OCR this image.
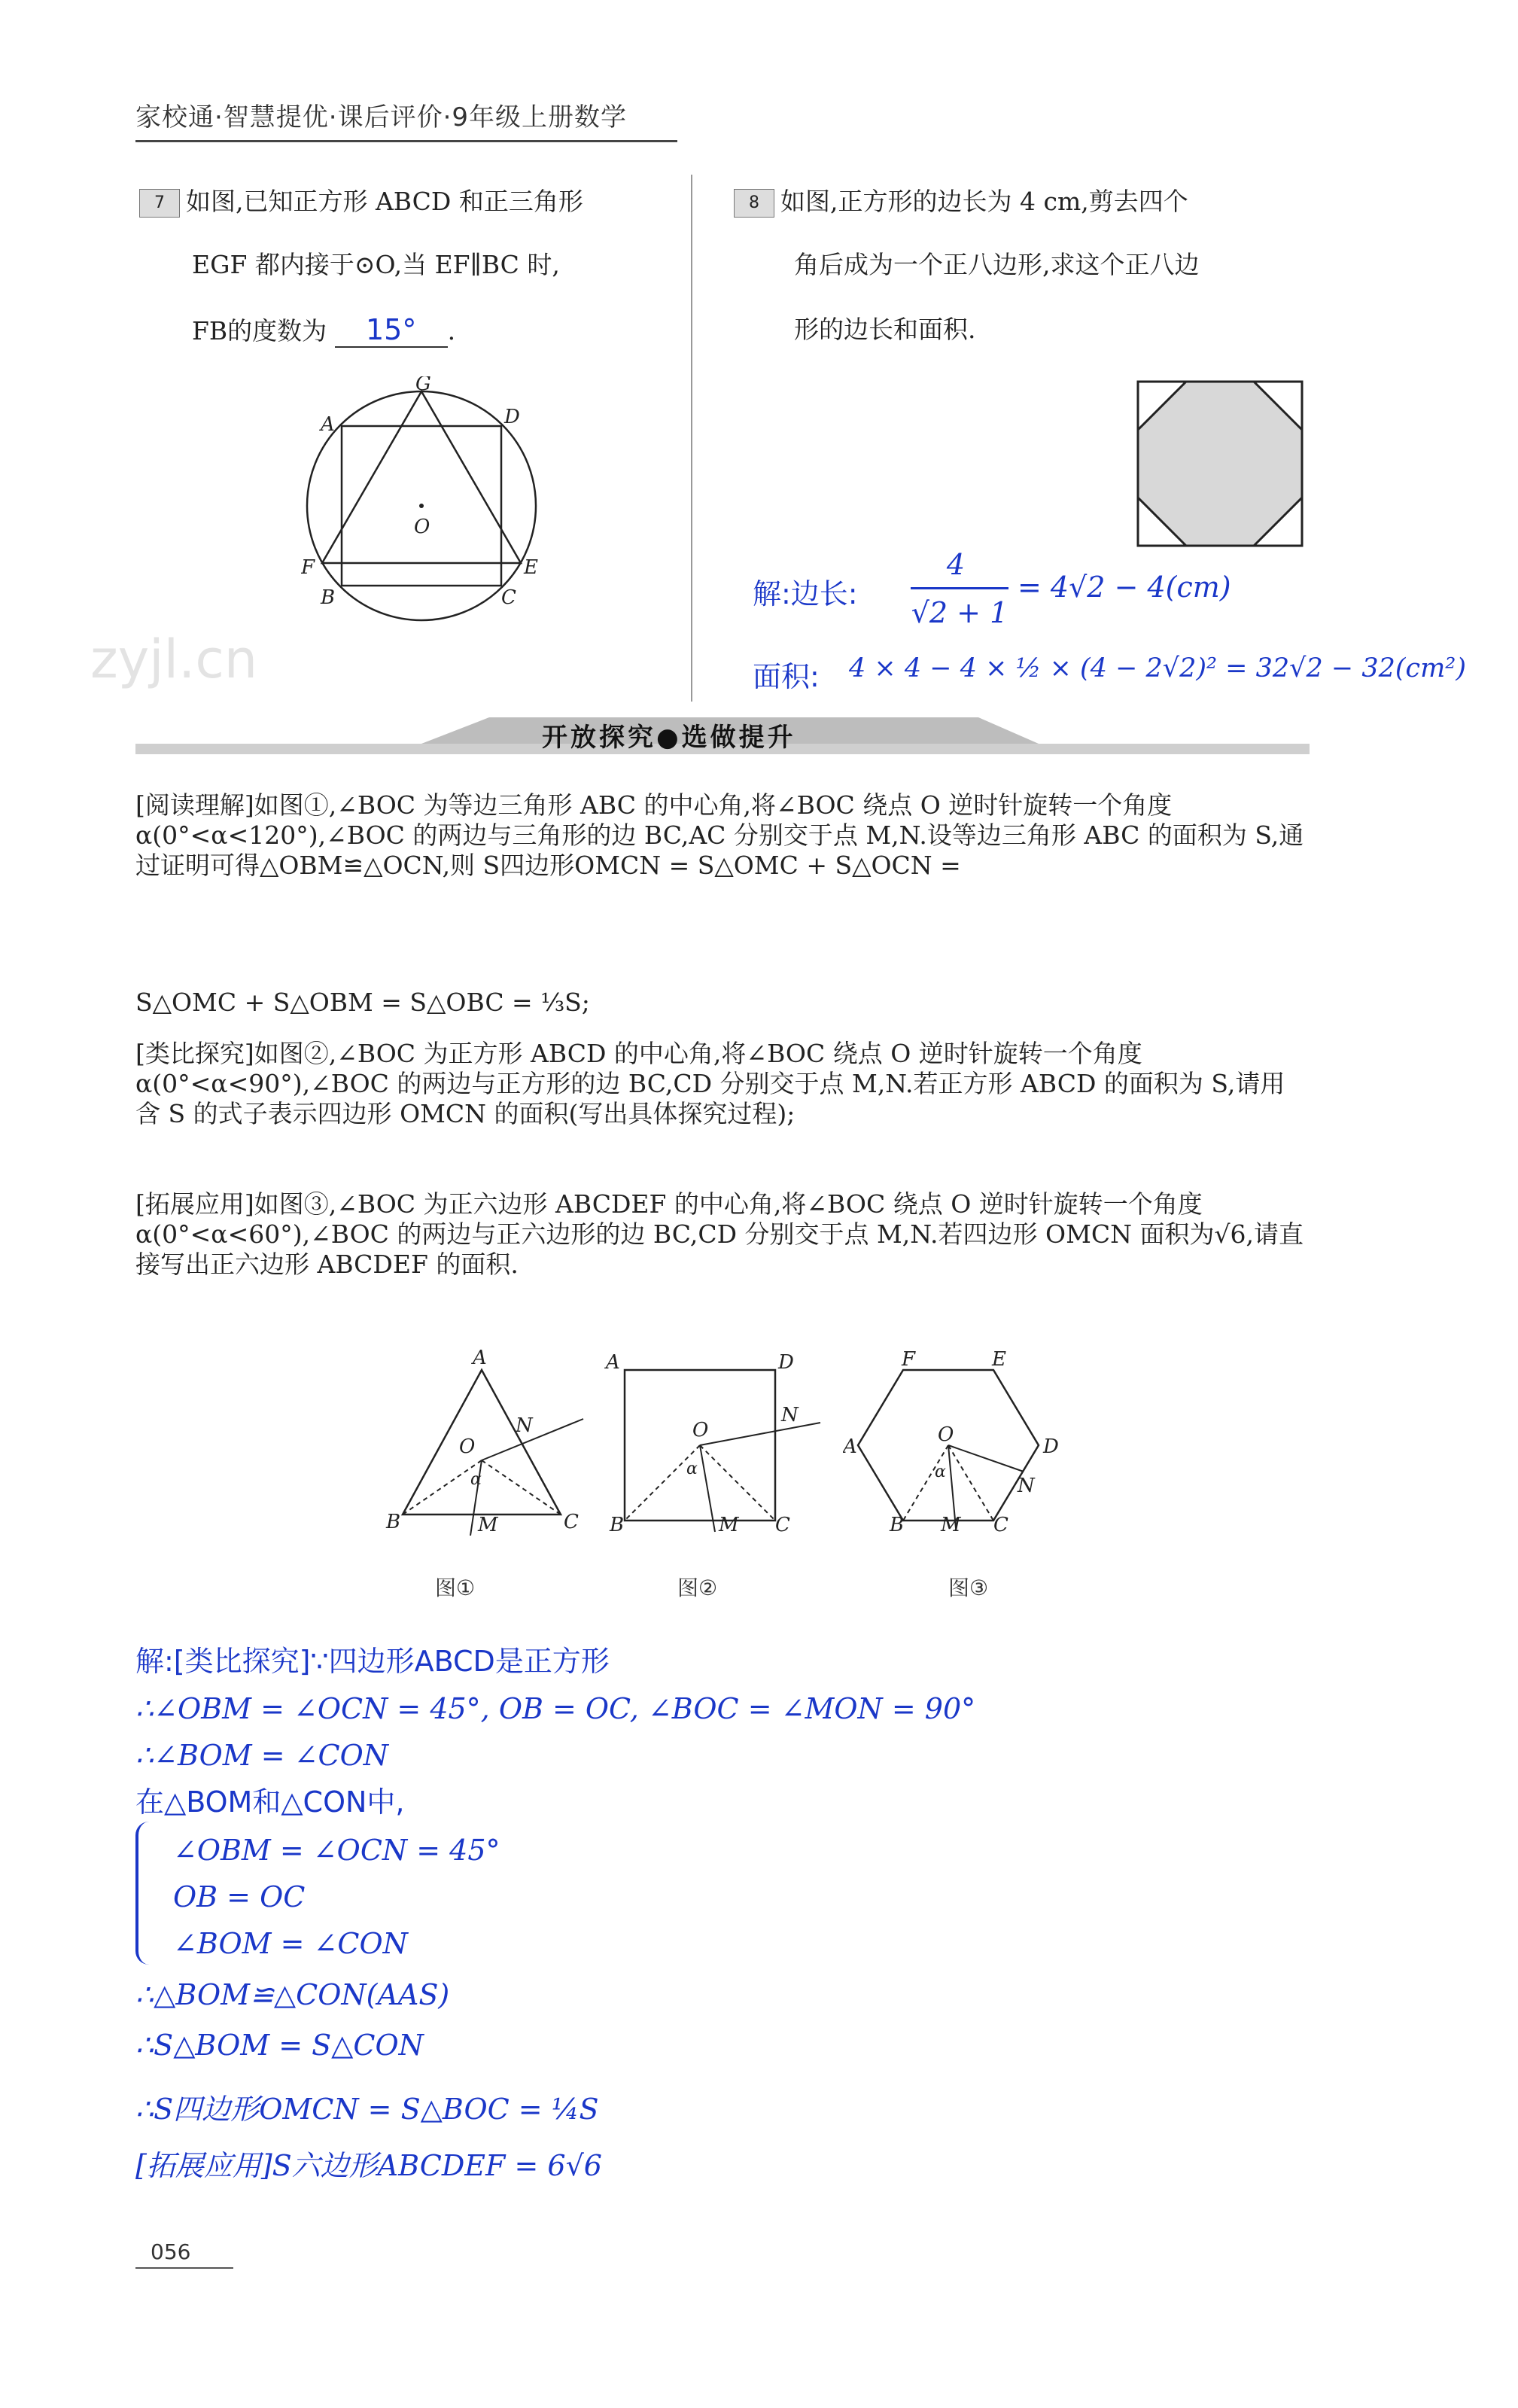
家校通·智慧提优·课后评价·9年级上册数学
7 如图,已知正方形 ABCD 和正三角形
EGF 都内接于⊙O,当 EF∥BC 时,
FB的度数为 15° .
G
D
A
O
F	E
B	C
8 如图,正方形的边长为 4 cm,剪去四个
角后成为一个正八边形,求这个正八边
形的边长和面积.
解:边长:
4
√2 + 1
= 4√2 − 4(cm)
面积: 4 × 4 − 4 × ½ × (4 − 2√2)² = 32√2 − 32(cm²)
zyjl.cn
开放探究●选做提升
[阅读理解]如图①,∠BOC 为等边三角形 ABC 的中心角,将∠BOC 绕点 O 逆时针旋转一个角度 α(0°<α<120°),∠BOC 的两边与三角形的边 BC,AC 分别交于点 M,N.设等边三角形 ABC 的面积为 S,通过证明可得△OBM≌△OCN,则 S四边形OMCN = S△OMC + S△OCN =
S△OMC + S△OBM = S△OBC = ⅓S;
[类比探究]如图②,∠BOC 为正方形 ABCD 的中心角,将∠BOC 绕点 O 逆时针旋转一个角度 α(0°<α<90°),∠BOC 的两边与正方形的边 BC,CD 分别交于点 M,N.若正方形 ABCD 的面积为 S,请用含 S 的式子表示四边形 OMCN 的面积(写出具体探究过程);
[拓展应用]如图③,∠BOC 为正六边形 ABCDEF 的中心角,将∠BOC 绕点 O 逆时针旋转一个角度 α(0°<α<60°),∠BOC 的两边与正六边形的边 BC,CD 分别交于点 M,N.若四边形 OMCN 面积为√6,请直接写出正六边形 ABCDEF 的面积.
A
N
O
α
B	M	C
图①
A	D
N
O
α
B	M C
图②
F	E
A
O
D
α
N
B M C
图③
解:[类比探究]∵四边形ABCD是正方形
∴∠OBM = ∠OCN = 45°, OB = OC, ∠BOC = ∠MON = 90°
∴∠BOM = ∠CON
在△BOM和△CON中,
∠OBM = ∠OCN = 45°
OB = OC
∠BOM = ∠CON
∴△BOM≌△CON(AAS)
∴S△BOM = S△CON
∴S四边形OMCN = S△BOC = ¼S
[拓展应用]S六边形ABCDEF = 6√6
056
